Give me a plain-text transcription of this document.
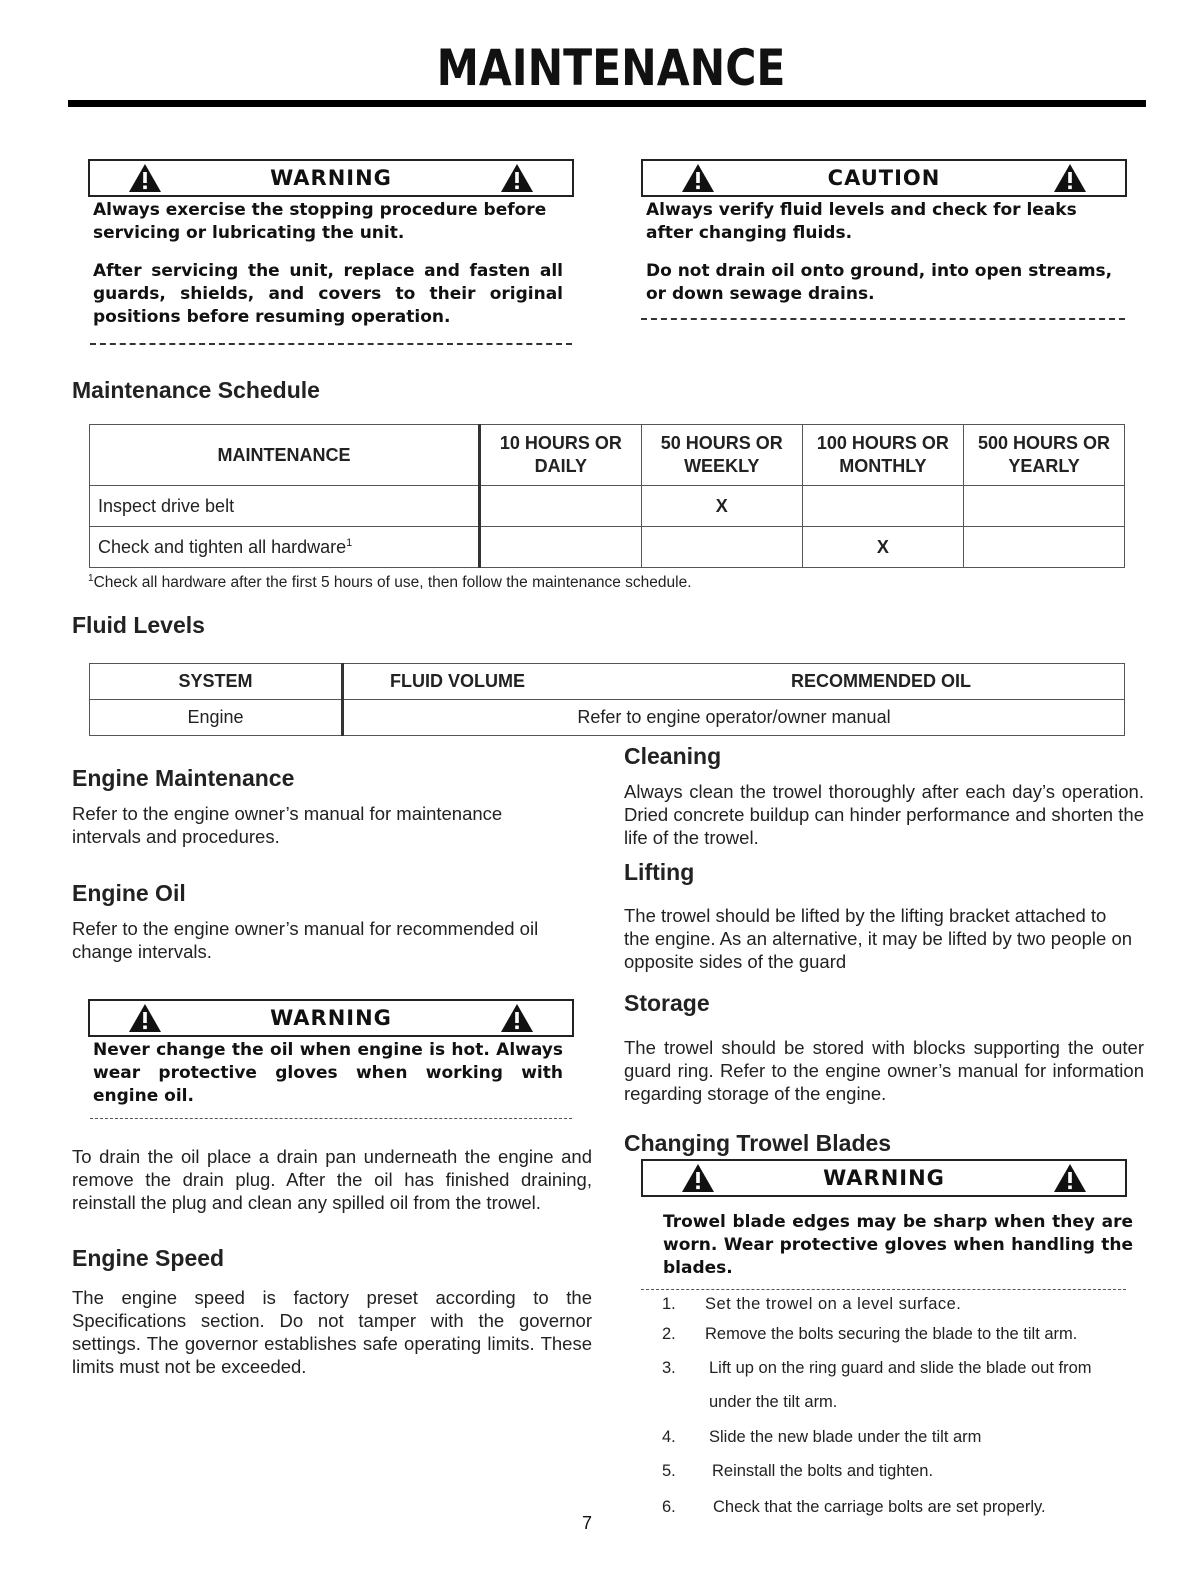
MAINTENANCE
WARNING

Always exercise the stopping procedure before servicing or lubricating the unit.

After servicing the unit, replace and fasten all guards, shields, and covers to their original positions before resuming operation.

CAUTION

Always verify fluid levels and check for leaks after changing fluids.

Do not drain oil onto ground, into open streams, or down sewage drains.

Maintenance Schedule
MAINTENANCE	10 HOURS OR DAILY	50 HOURS OR WEEKLY	100 HOURS OR MONTHLY	500 HOURS OR YEARLY
Inspect drive belt		X		
Check and tighten all hardware$^1$			X	
$^1$Check all hardware after the first 5 hours of use, then follow the maintenance schedule.
Fluid Levels
SYSTEM	FLUID VOLUME	RECOMMENDED OIL
Engine	Refer to engine operator/owner manual	
Engine Maintenance

Refer to the engine owner’s manual for maintenance intervals and procedures.

Engine Oil

Refer to the engine owner’s manual for recommended oil change intervals.

WARNING
Never change the oil when engine is hot. Always wear protective gloves when working with engine oil.
To drain the oil place a drain pan underneath the engine and remove the drain plug. After the oil has finished draining, reinstall the plug and clean any spilled oil from the trowel.
Engine Speed
The engine speed is factory preset according to the Specifications section. Do not tamper with the governor settings. The governor establishes safe operating limits. These limits must not be exceeded.
Cleaning
Always clean the trowel thoroughly after each day’s operation. Dried concrete buildup can hinder performance and shorten the life of the trowel.
Lifting
The trowel should be lifted by the lifting bracket attached to the engine. As an alternative, it may be lifted by two people on opposite sides of the guard
Storage
The trowel should be stored with blocks supporting the outer guard ring. Refer to the engine owner’s manual for information regarding storage of the engine.
Changing Trowel Blades
WARNING
Trowel blade edges may be sharp when they are worn. Wear protective gloves when handling the blades.
1. Set the trowel on a level surface.
2. Remove the bolts securing the blade to the tilt arm.
3. Lift up on the ring guard and slide the blade out from
under the tilt arm.
4. Slide the new blade under the tilt arm
5. Reinstall the bolts and tighten.
6. Check that the carriage bolts are set properly.
7
